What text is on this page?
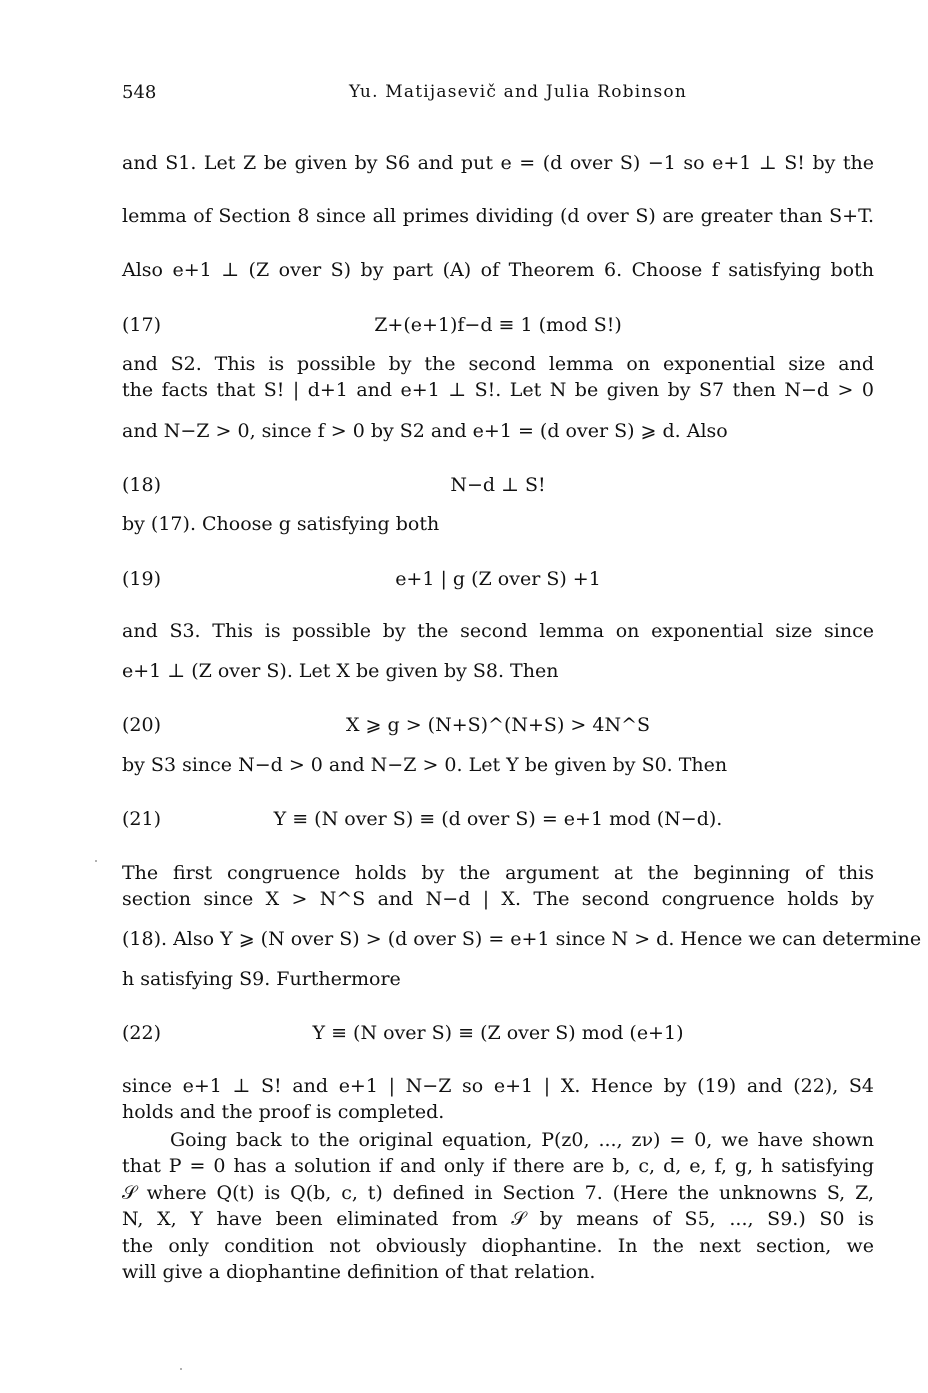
548	Yu. Matijasevič and Julia Robinson
and S1. Let Z be given by S6 and put e = (d over S) −1 so e+1 ⊥ S! by the
lemma of Section 8 since all primes dividing (d over S) are greater than S+T.
Also e+1 ⊥ (Z over S) by part (A) of Theorem 6. Choose f satisfying both
(17)	Z+(e+1)f−d ≡ 1 (mod S!)
and S2. This is possible by the second lemma on exponential size and
the facts that S! | d+1 and e+1 ⊥ S!. Let N be given by S7 then N−d > 0
and N−Z > 0, since f > 0 by S2 and e+1 = (d over S) ⩾ d. Also
(18)	N−d ⊥ S!
by (17). Choose g satisfying both
(19)	e+1 | g (Z over S) +1
and S3. This is possible by the second lemma on exponential size since
e+1 ⊥ (Z over S). Let X be given by S8. Then
(20)	X ⩾ g > (N+S)^(N+S) > 4N^S
by S3 since N−d > 0 and N−Z > 0. Let Y be given by S0. Then
(21)	Y ≡ (N over S) ≡ (d over S) = e+1 mod (N−d).
The first congruence holds by the argument at the beginning of this
section since X > N^S and N−d | X. The second congruence holds by
(18). Also Y ⩾ (N over S) > (d over S) = e+1 since N > d. Hence we can determine
h satisfying S9. Furthermore
(22)	Y ≡ (N over S) ≡ (Z over S) mod (e+1)
since e+1 ⊥ S! and e+1 | N−Z so e+1 | X. Hence by (19) and (22), S4
holds and the proof is completed.
Going back to the original equation, P(z0, ..., zν) = 0, we have shown
that P = 0 has a solution if and only if there are b, c, d, e, f, g, h satisfying
𝒮 where Q(t) is Q(b, c, t) defined in Section 7. (Here the unknowns S, Z,
N, X, Y have been eliminated from 𝒮 by means of S5, ..., S9.) S0 is
the only condition not obviously diophantine. In the next section, we
will give a diophantine definition of that relation.
